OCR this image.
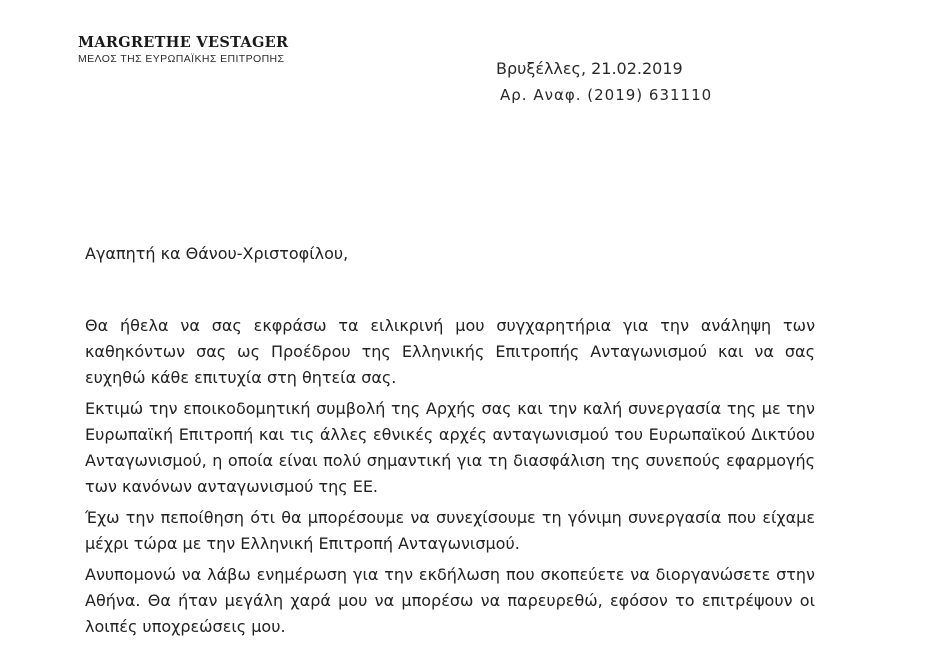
MARGRETHE VESTAGER
ΜΕΛΟΣ ΤΗΣ ΕΥΡΩΠΑΪΚΗΣ ΕΠΙΤΡΟΠΗΣ	Βρυξέλλες, 21.02.2019
Αρ. Αναφ. (2019) 631110
Αγαπητή κα Θάνου-Χριστοφίλου,
Θα ήθελα να σας εκφράσω τα ειλικρινή μου συγχαρητήρια για την ανάληψη των καθηκόντων σας ως Προέδρου της Ελληνικής Επιτροπής Ανταγωνισμού και να σας ευχηθώ κάθε επιτυχία στη θητεία σας.
Εκτιμώ την εποικοδομητική συμβολή της Αρχής σας και την καλή συνεργασία της με την Ευρωπαϊκή Επιτροπή και τις άλλες εθνικές αρχές ανταγωνισμού του Ευρωπαϊκού Δικτύου Ανταγωνισμού, η οποία είναι πολύ σημαντική για τη διασφάλιση της συνεπούς εφαρμογής των κανόνων ανταγωνισμού της ΕΕ.
Έχω την πεποίθηση ότι θα μπορέσουμε να συνεχίσουμε τη γόνιμη συνεργασία που είχαμε μέχρι τώρα με την Ελληνική Επιτροπή Ανταγωνισμού.
Ανυπομονώ να λάβω ενημέρωση για την εκδήλωση που σκοπεύετε να διοργανώσετε στην Αθήνα. Θα ήταν μεγάλη χαρά μου να μπορέσω να παρευρεθώ, εφόσον το επιτρέψουν οι λοιπές υποχρεώσεις μου.
